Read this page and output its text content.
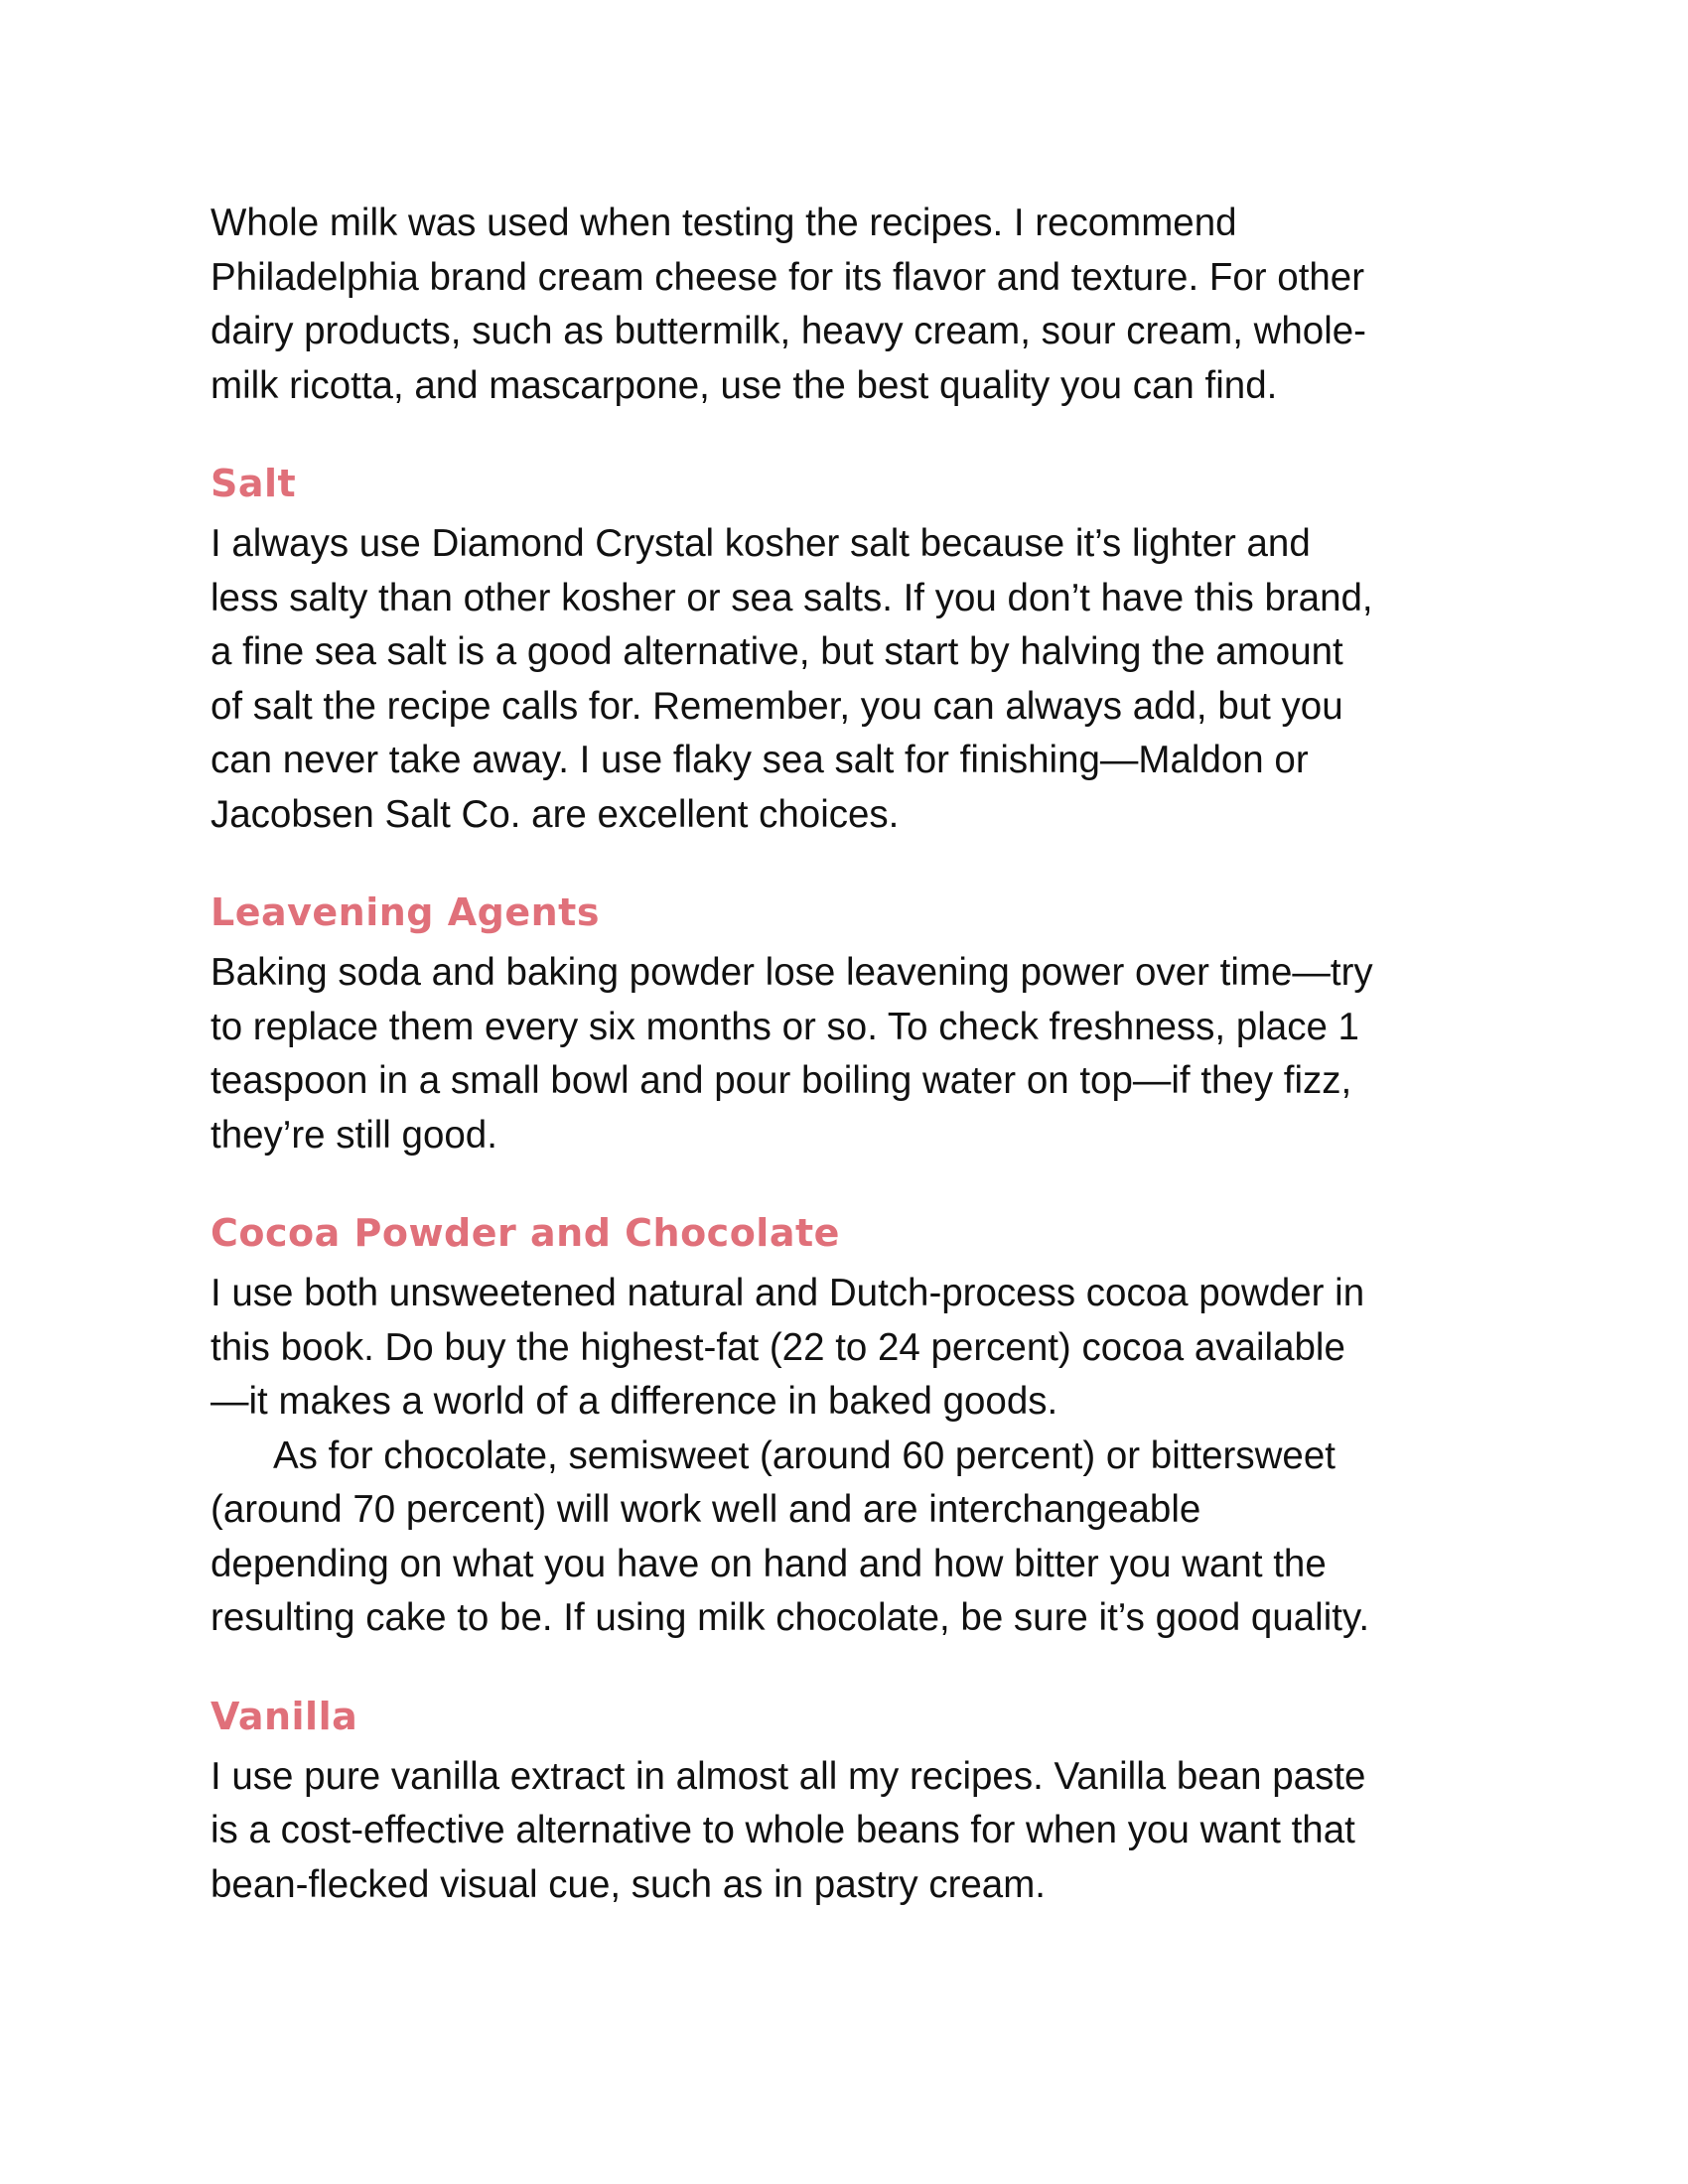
Whole milk was used when testing the recipes. I recommend
Philadelphia brand cream cheese for its flavor and texture. For other
dairy products, such as buttermilk, heavy cream, sour cream, whole-
milk ricotta, and mascarpone, use the best quality you can find.

Salt

I always use Diamond Crystal kosher salt because it’s lighter and
less salty than other kosher or sea salts. If you don’t have this brand,
a fine sea salt is a good alternative, but start by halving the amount
of salt the recipe calls for. Remember, you can always add, but you
can never take away. I use flaky sea salt for finishing—Maldon or
Jacobsen Salt Co. are excellent choices.

Leavening Agents

Baking soda and baking powder lose leavening power over time—try
to replace them every six months or so. To check freshness, place 1
teaspoon in a small bowl and pour boiling water on top—if they fizz,
they’re still good.

Cocoa Powder and Chocolate

I use both unsweetened natural and Dutch-process cocoa powder in
this book. Do buy the highest-fat (22 to 24 percent) cocoa available
—it makes a world of a difference in baked goods.

As for chocolate, semisweet (around 60 percent) or bittersweet
(around 70 percent) will work well and are interchangeable
depending on what you have on hand and how bitter you want the
resulting cake to be. If using milk chocolate, be sure it’s good quality.

Vanilla

I use pure vanilla extract in almost all my recipes. Vanilla bean paste
is a cost-effective alternative to whole beans for when you want that
bean-flecked visual cue, such as in pastry cream.
